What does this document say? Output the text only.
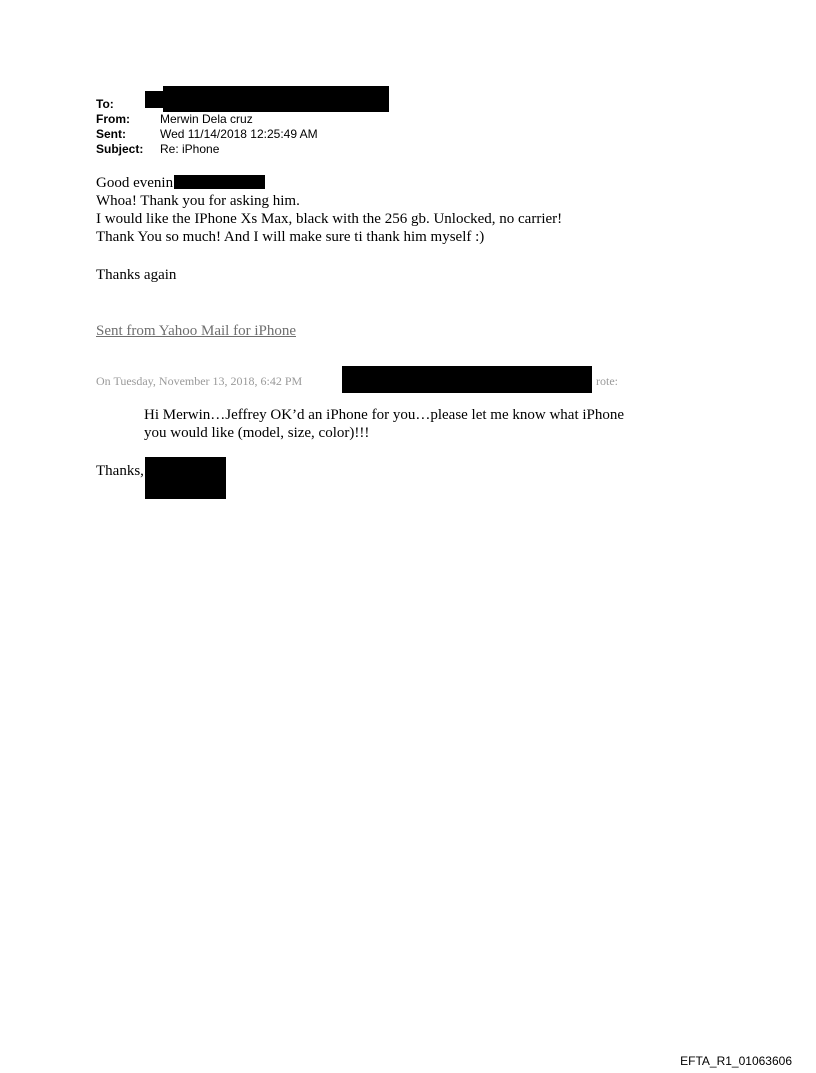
To:
From:	Merwin Dela cruz
Sent:	Wed 11/14/2018 12:25:49 AM
Subject:	Re: iPhone
Good evenin
Whoa! Thank you for asking him.
I would like the IPhone Xs Max, black with the 256 gb. Unlocked, no carrier!
Thank You so much! And I will make sure ti thank him myself :)
Thanks again
Sent from Yahoo Mail for iPhone
On Tuesday, November 13, 2018, 6:42 PM	rote:
Hi Merwin…Jeffrey OK’d an iPhone for you…please let me know what iPhone
you would like (model, size, color)!!!
Thanks,
EFTA_R1_01063606
